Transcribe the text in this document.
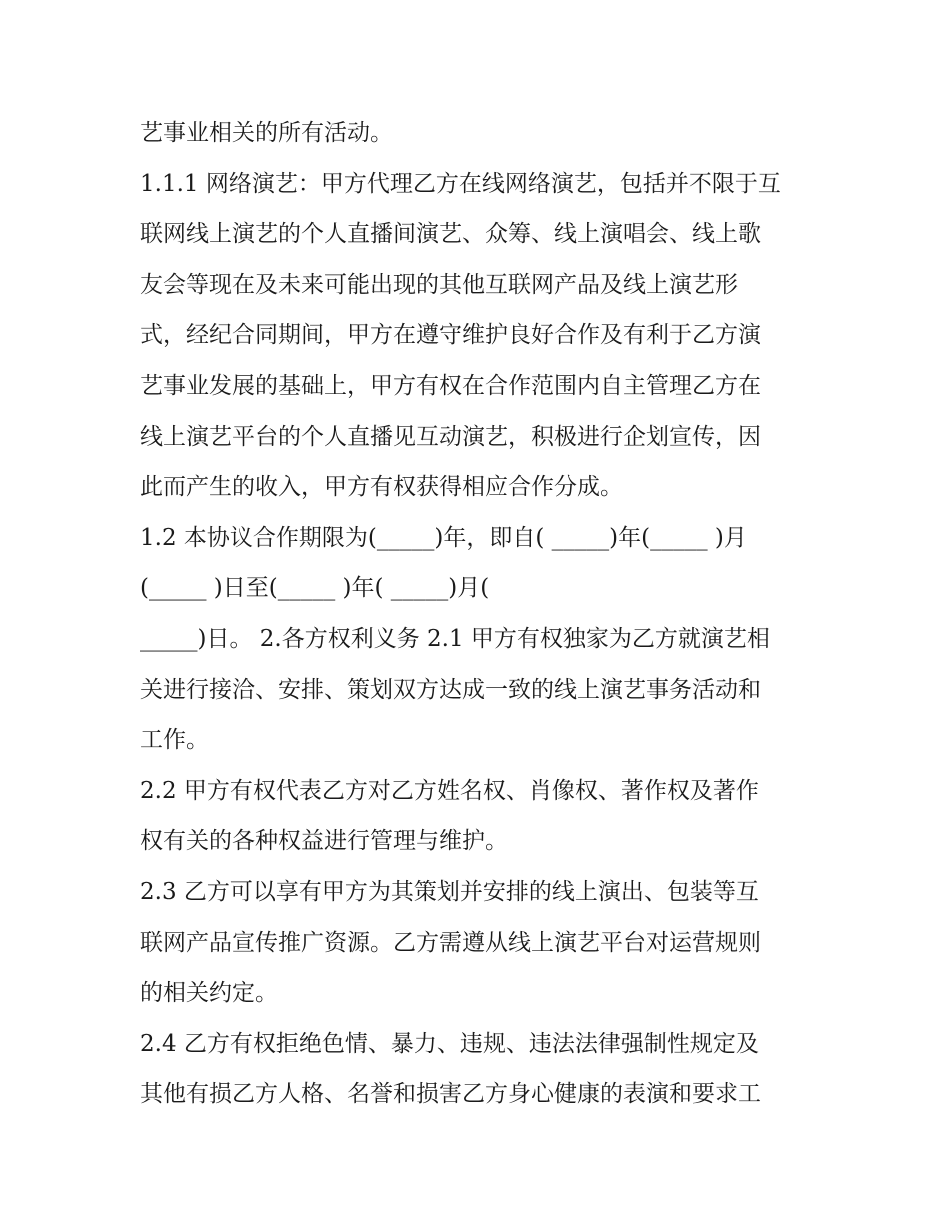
艺事业相关的所有活动。
1.1.1 网络演艺：甲方代理乙方在线网络演艺，包括并不限于互
联网线上演艺的个人直播间演艺、众筹、线上演唱会、线上歌
友会等现在及未来可能出现的其他互联网产品及线上演艺形
式，经纪合同期间，甲方在遵守维护良好合作及有利于乙方演
艺事业发展的基础上，甲方有权在合作范围内自主管理乙方在
线上演艺平台的个人直播见互动演艺，积极进行企划宣传，因
此而产生的收入，甲方有权获得相应合作分成。
1.2 本协议合作期限为(_____)年，即自( _____)年(_____ )月
(_____ )日至(_____ )年( _____)月(
_____)日。 2.各方权利义务 2.1 甲方有权独家为乙方就演艺相
关进行接洽、安排、策划双方达成一致的线上演艺事务活动和
工作。
2.2 甲方有权代表乙方对乙方姓名权、肖像权、著作权及著作
权有关的各种权益进行管理与维护。
2.3 乙方可以享有甲方为其策划并安排的线上演出、包装等互
联网产品宣传推广资源。乙方需遵从线上演艺平台对运营规则
的相关约定。
2.4 乙方有权拒绝色情、暴力、违规、违法法律强制性规定及
其他有损乙方人格、名誉和损害乙方身心健康的表演和要求工
